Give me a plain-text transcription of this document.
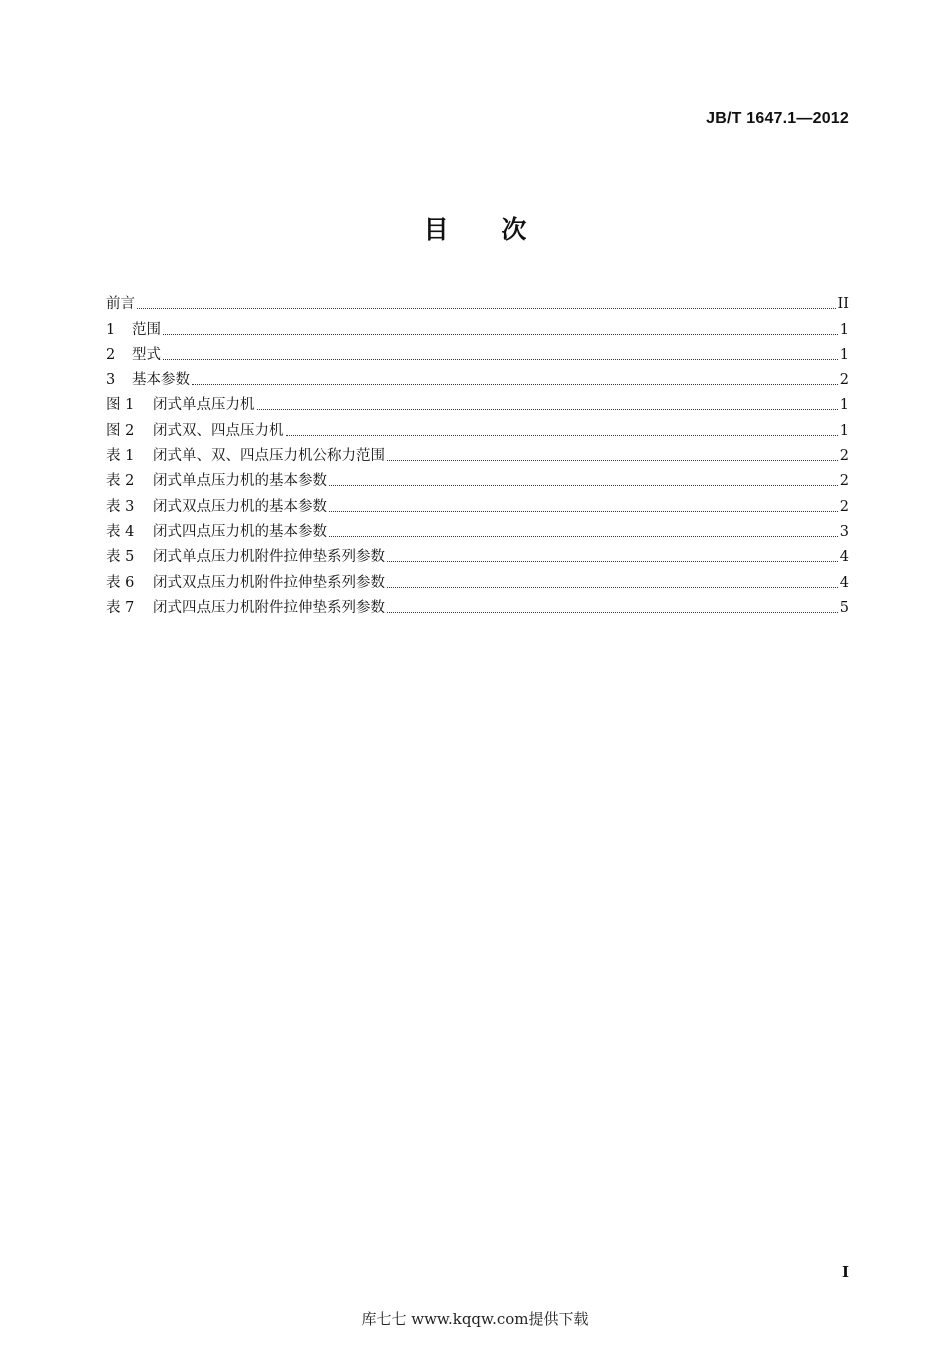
JB/T 1647.1—2012
目 次
前言	II
1	范围	1
2	型式	1
3	基本参数	2
图 1	闭式单点压力机	1
图 2	闭式双、四点压力机	1
表 1	闭式单、双、四点压力机公称力范围	2
表 2	闭式单点压力机的基本参数	2
表 3	闭式双点压力机的基本参数	2
表 4	闭式四点压力机的基本参数	3
表 5	闭式单点压力机附件拉伸垫系列参数	4
表 6	闭式双点压力机附件拉伸垫系列参数	4
表 7	闭式四点压力机附件拉伸垫系列参数	5
I
库七七 www.kqqw.com提供下载
